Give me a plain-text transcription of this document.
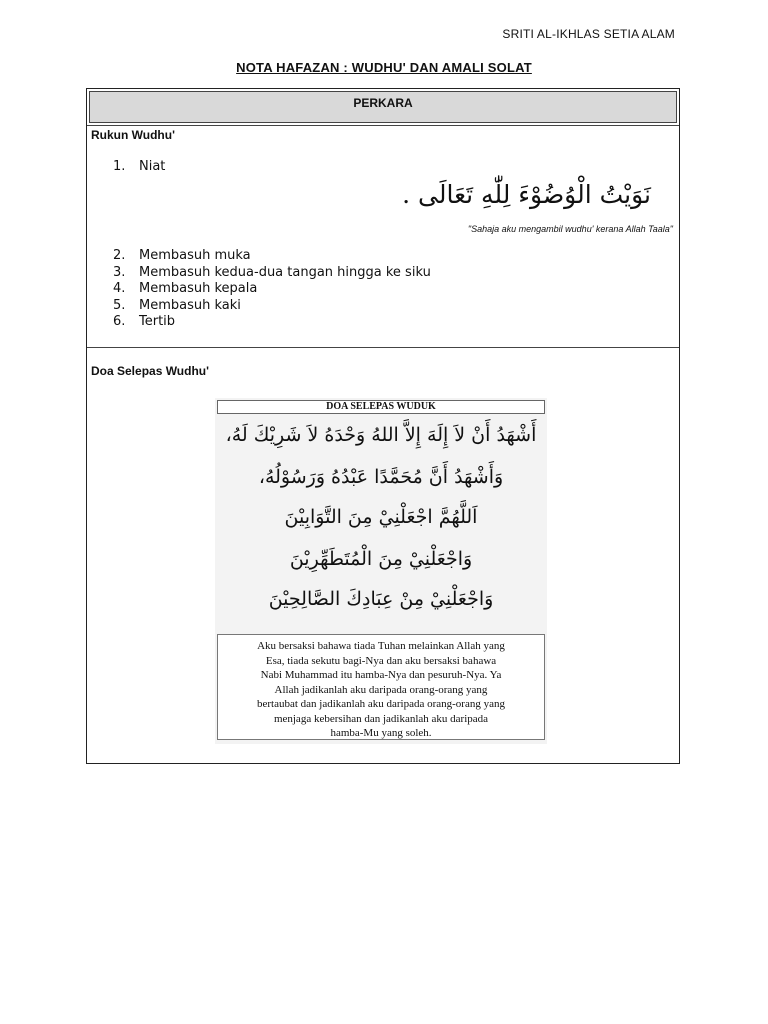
SRITI AL-IKHLAS SETIA ALAM
NOTA HAFAZAN : WUDHU' DAN AMALI SOLAT
PERKARA
Rukun Wudhu'
1. Niat
نَوَيْتُ الْوُضُوْءَ لِلّٰهِ تَعَالَى .
"Sahaja aku mengambil wudhu' kerana Allah Taala"
2. Membasuh muka
3. Membasuh kedua-dua tangan hingga ke siku
4. Membasuh kepala
5. Membasuh kaki
6. Tertib
Doa Selepas Wudhu'
DOA SELEPAS WUDUK
أَشْهَدُ أَنْ لاَ إِلَهَ إِلاَّ اللهُ وَحْدَهُ لاَ شَرِيْكَ لَهُ،
وَأَشْهَدُ أَنَّ مُحَمَّدًا عَبْدُهُ وَرَسُوْلُهُ،
اَللَّهُمَّ اجْعَلْنِيْ مِنَ التَّوَابِيْنَ
وَاجْعَلْنِيْ مِنَ الْمُتَطَهِّرِيْنَ
وَاجْعَلْنِيْ مِنْ عِبَادِكَ الصَّالِحِيْنَ
Aku bersaksi bahawa tiada Tuhan melainkan Allah yang
Esa, tiada sekutu bagi-Nya dan aku bersaksi bahawa
Nabi Muhammad itu hamba-Nya dan pesuruh-Nya. Ya
Allah jadikanlah aku daripada orang-orang yang
bertaubat dan jadikanlah aku daripada orang-orang yang
menjaga kebersihan dan jadikanlah aku daripada
hamba-Mu yang soleh.
